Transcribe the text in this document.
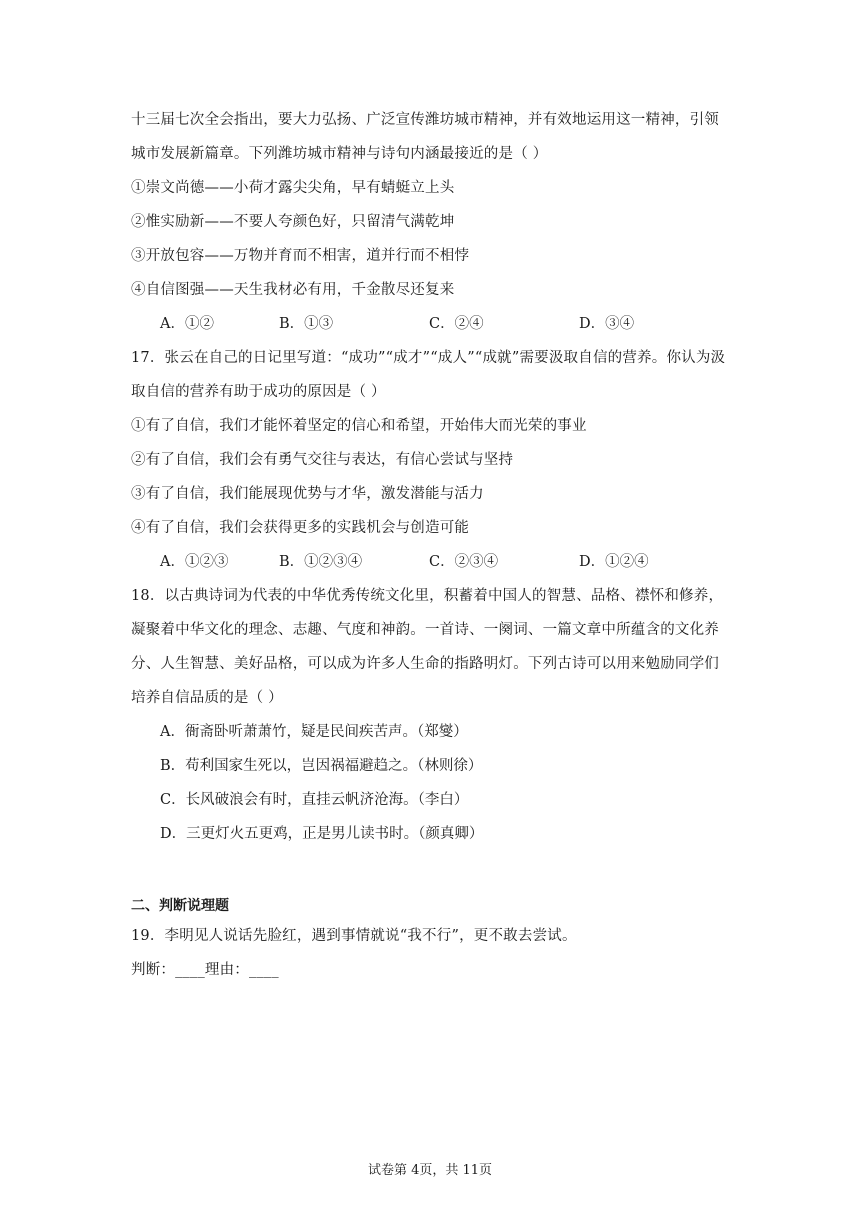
十三届七次全会指出，要大力弘扬、广泛宣传潍坊城市精神，并有效地运用这一精神，引领
城市发展新篇章。下列潍坊城市精神与诗句内涵最接近的是（ ）
①崇文尚德——小荷才露尖尖角，早有蜻蜓立上头
②惟实励新——不要人夸颜色好，只留清气满乾坤
③开放包容——万物并育而不相害，道并行而不相悖
④自信图强——天生我材必有用，千金散尽还复来
A．①②	B．①③	C．②④	D．③④
17．张云在自己的日记里写道：“成功”“成才”“成人”“成就”需要汲取自信的营养。你认为汲
取自信的营养有助于成功的原因是（ ）
①有了自信，我们才能怀着坚定的信心和希望，开始伟大而光荣的事业
②有了自信，我们会有勇气交往与表达，有信心尝试与坚持
③有了自信，我们能展现优势与才华，激发潜能与活力
④有了自信，我们会获得更多的实践机会与创造可能
A．①②③	B．①②③④	C．②③④	D．①②④
18．以古典诗词为代表的中华优秀传统文化里，积蓄着中国人的智慧、品格、襟怀和修养，
凝聚着中华文化的理念、志趣、气度和神韵。一首诗、一阕词、一篇文章中所蕴含的文化养
分、人生智慧、美好品格，可以成为许多人生命的指路明灯。下列古诗可以用来勉励同学们
培养自信品质的是（ ）
A．衙斋卧听萧萧竹，疑是民间疾苦声。（郑燮）
B．苟利国家生死以，岂因祸福避趋之。（林则徐）
C．长风破浪会有时，直挂云帆济沧海。（李白）
D．三更灯火五更鸡，正是男儿读书时。（颜真卿）
二、判断说理题
19．李明见人说话先脸红，遇到事情就说“我不行”，更不敢去尝试。
判断：____理由：____
试卷第 4页，共 11页
